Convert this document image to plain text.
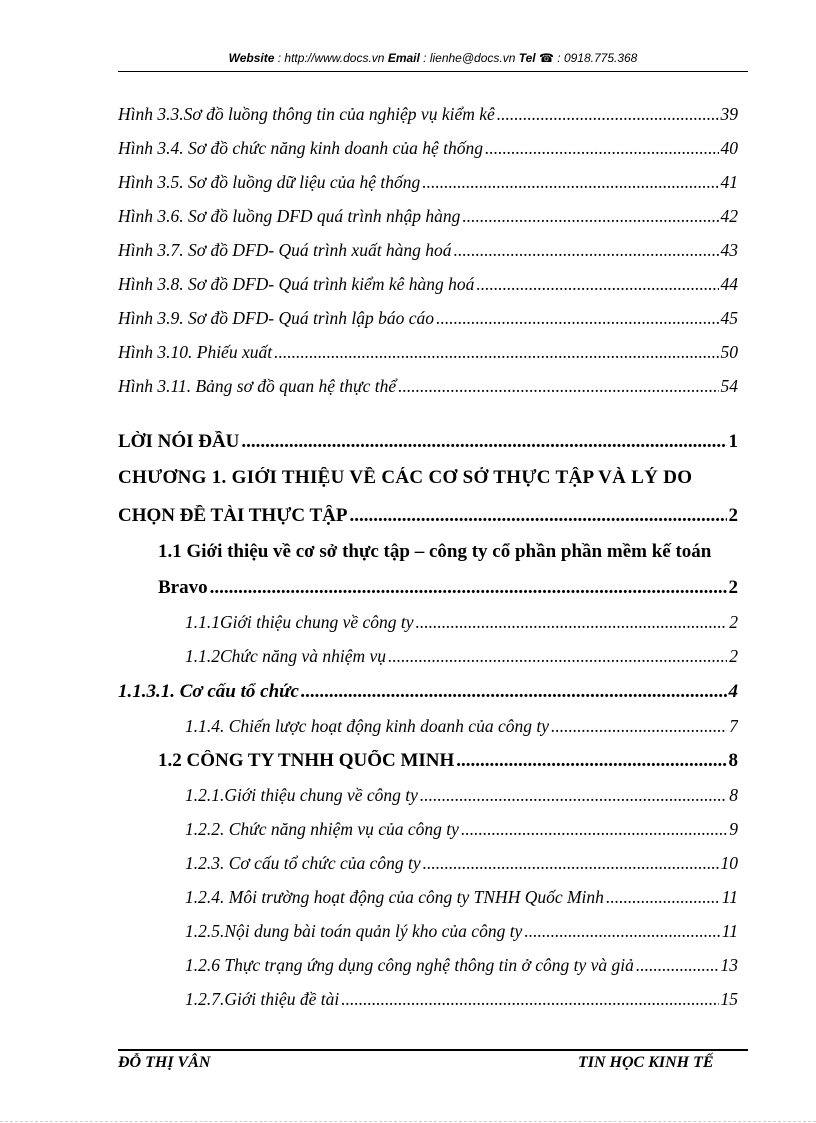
Website : http://www.docs.vn Email : lienhe@docs.vn Tel ☎ : 0918.775.368
Hình 3.3.Sơ đồ luồng thông tin của nghiệp vụ kiểm kê .....	39
Hình 3.4. Sơ đồ chức năng kinh doanh của hệ thống .....	40
Hình 3.5. Sơ đồ luồng dữ liệu của hệ thống .....	41
Hình 3.6. Sơ đồ luồng DFD quá trình nhập hàng .....	42
Hình 3.7. Sơ đồ DFD- Quá trình xuất hàng hoá .....	43
Hình 3.8. Sơ đồ DFD- Quá trình kiểm kê hàng hoá .....	44
Hình 3.9. Sơ đồ DFD- Quá trình lập báo cáo .....	45
Hình 3.10. Phiếu xuất .....	50
Hình 3.11. Bảng sơ đồ quan hệ thực thể .....	54
LỜI NÓI ĐẦU .....	1
CHƯƠNG 1. GIỚI THIỆU VỀ CÁC CƠ SỞ THỰC TẬP VÀ LÝ DO
CHỌN ĐỀ TÀI THỰC TẬP .....	2
1.1 Giới thiệu về cơ sở thực tập – công ty cổ phần phần mềm kế toán
Bravo .....	2
1.1.1Giới thiệu chung về công ty .....	2
1.1.2Chức năng và nhiệm vụ .....	2
1.1.3.1. Cơ cấu tổ chức .....	4
1.1.4. Chiến lược hoạt động kinh doanh của công ty .....	7
1.2 CÔNG TY TNHH QUỐC MINH .....	8
1.2.1.Giới thiệu chung về công ty .....	8
1.2.2. Chức năng nhiệm vụ của công ty .....	9
1.2.3. Cơ cấu tổ chức của công ty .....	10
1.2.4. Môi trường hoạt động của công ty TNHH Quốc Minh .....	11
1.2.5.Nội dung bài toán quản lý kho của công ty .....	11
1.2.6 Thực trạng ứng dụng công nghệ thông tin ở công ty và giả .....	13
1.2.7.Giới thiệu đề tài .....	15
ĐỖ THỊ VÂN	TIN HỌC KINH TẾ
